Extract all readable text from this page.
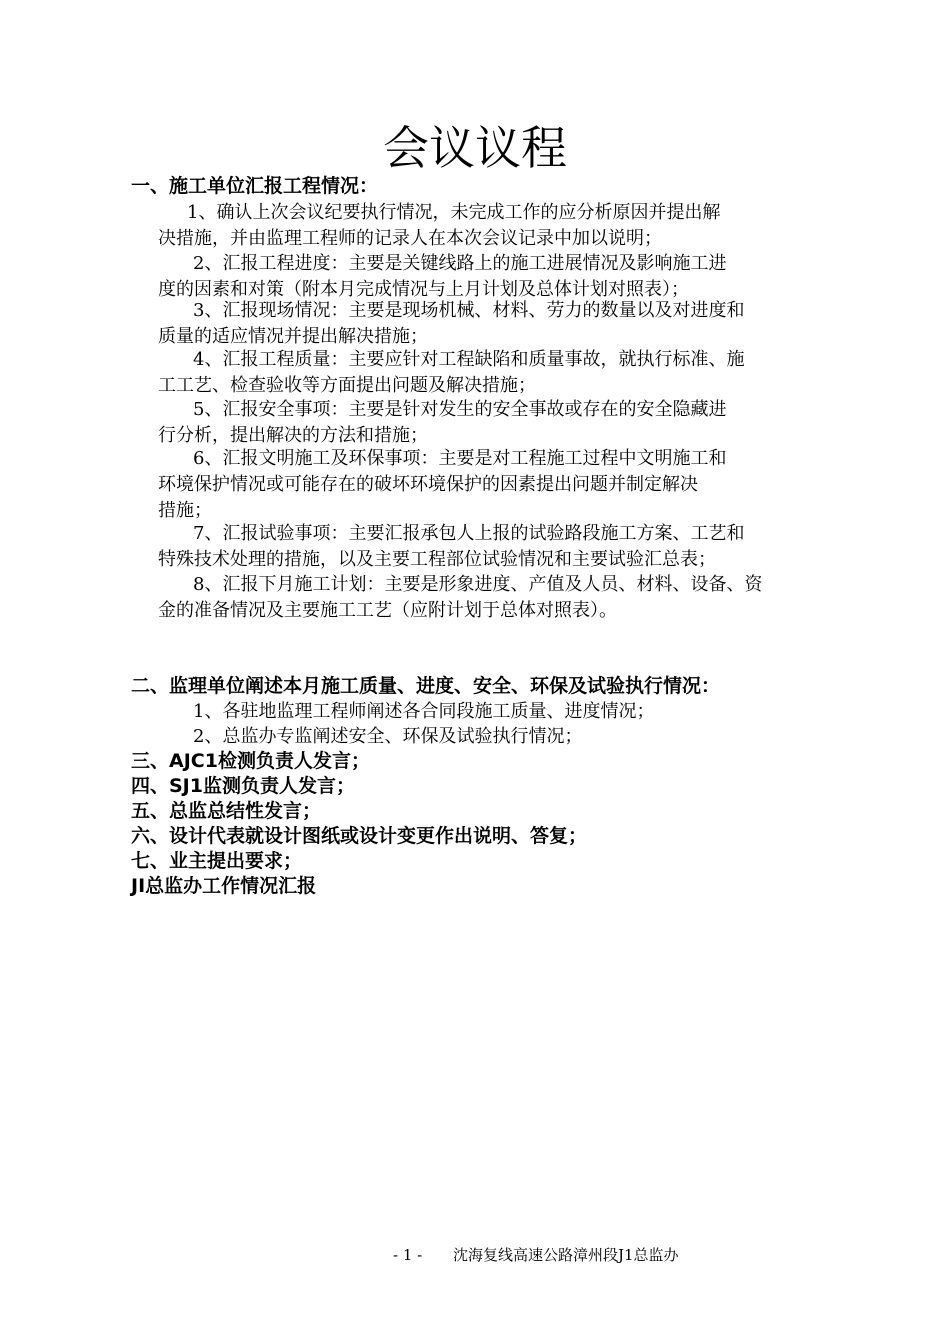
会议议程
一、施工单位汇报工程情况：
1、确认上次会议纪要执行情况，未完成工作的应分析原因并提出解
决措施，并由监理工程师的记录人在本次会议记录中加以说明；
2、汇报工程进度：主要是关键线路上的施工进展情况及影响施工进
度的因素和对策（附本月完成情况与上月计划及总体计划对照表）；
3、汇报现场情况：主要是现场机械、材料、劳力的数量以及对进度和
质量的适应情况并提出解决措施；
4、汇报工程质量：主要应针对工程缺陷和质量事故，就执行标准、施
工工艺、检查验收等方面提出问题及解决措施；
5、汇报安全事项：主要是针对发生的安全事故或存在的安全隐藏进
行分析，提出解决的方法和措施；
6、汇报文明施工及环保事项：主要是对工程施工过程中文明施工和
环境保护情况或可能存在的破坏环境保护的因素提出问题并制定解决
措施；
7、汇报试验事项：主要汇报承包人上报的试验路段施工方案、工艺和
特殊技术处理的措施，以及主要工程部位试验情况和主要试验汇总表；
8、汇报下月施工计划：主要是形象进度、产值及人员、材料、设备、资
金的准备情况及主要施工工艺（应附计划于总体对照表）。
二、监理单位阐述本月施工质量、进度、安全、环保及试验执行情况：
1、各驻地监理工程师阐述各合同段施工质量、进度情况；
2、总监办专监阐述安全、环保及试验执行情况；
三、AJC1检测负责人发言；
四、SJ1监测负责人发言；
五、总监总结性发言；
六、设计代表就设计图纸或设计变更作出说明、答复；
七、业主提出要求；
JI总监办工作情况汇报
- 1 - 沈海复线高速公路漳州段J1总监办
